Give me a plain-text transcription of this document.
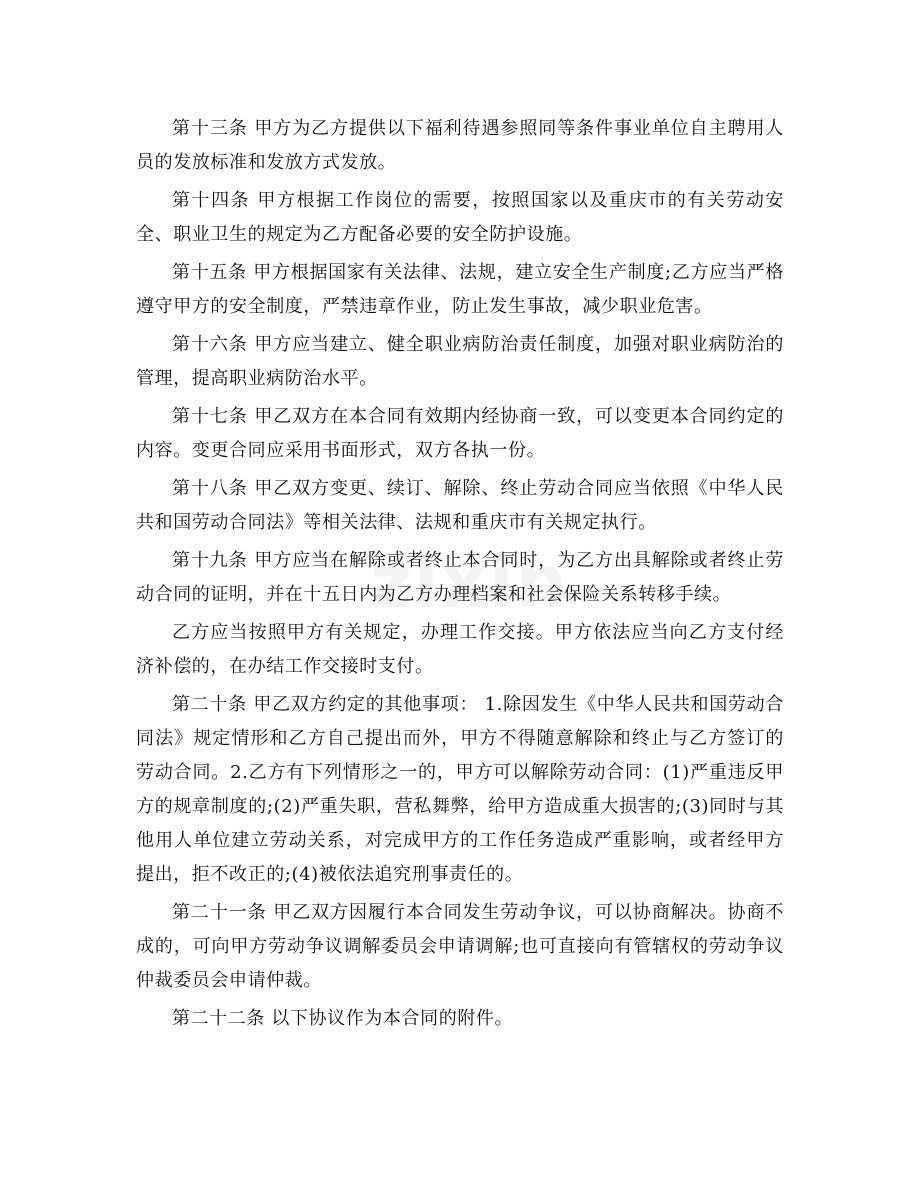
第十三条 甲方为乙方提供以下福利待遇参照同等条件事业单位自主聘用人员的发放标准和发放方式发放。

第十四条 甲方根据工作岗位的需要，按照国家以及重庆市的有关劳动安全、职业卫生的规定为乙方配备必要的安全防护设施。

第十五条 甲方根据国家有关法律、法规，建立安全生产制度;乙方应当严格遵守甲方的安全制度，严禁违章作业，防止发生事故，减少职业危害。

第十六条 甲方应当建立、健全职业病防治责任制度，加强对职业病防治的管理，提高职业病防治水平。

第十七条 甲乙双方在本合同有效期内经协商一致，可以变更本合同约定的内容。变更合同应采用书面形式，双方各执一份。

第十八条 甲乙双方变更、续订、解除、终止劳动合同应当依照《中华人民共和国劳动合同法》等相关法律、法规和重庆市有关规定执行。

第十九条 甲方应当在解除或者终止本合同时，为乙方出具解除或者终止劳动合同的证明，并在十五日内为乙方办理档案和社会保险关系转移手续。

乙方应当按照甲方有关规定，办理工作交接。甲方依法应当向乙方支付经济补偿的，在办结工作交接时支付。

第二十条 甲乙双方约定的其他事项： 1.除因发生《中华人民共和国劳动合同法》规定情形和乙方自己提出而外，甲方不得随意解除和终止与乙方签订的劳动合同。2.乙方有下列情形之一的，甲方可以解除劳动合同：(1)严重违反甲方的规章制度的;(2)严重失职，营私舞弊，给甲方造成重大损害的;(3)同时与其他用人单位建立劳动关系，对完成甲方的工作任务造成严重影响，或者经甲方提出，拒不改正的;(4)被依法追究刑事责任的。

第二十一条 甲乙双方因履行本合同发生劳动争议，可以协商解决。协商不成的，可向甲方劳动争议调解委员会申请调解;也可直接向有管辖权的劳动争议仲裁委员会申请仲裁。

第二十二条 以下协议作为本合同的附件。
